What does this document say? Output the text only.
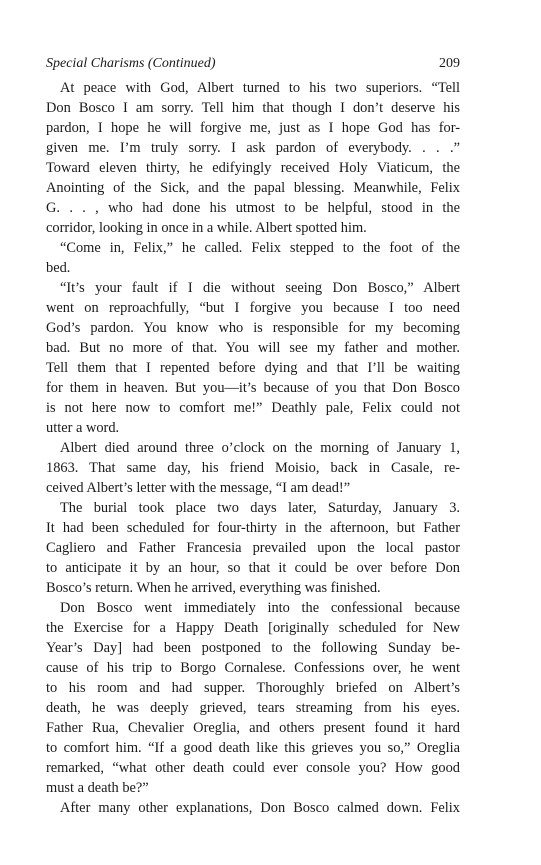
Special Charisms (Continued)	209
At peace with God, Albert turned to his two superiors. “Tell
Don Bosco I am sorry. Tell him that though I don’t deserve his
pardon, I hope he will forgive me, just as I hope God has for-
given me. I’m truly sorry. I ask pardon of everybody. . . .”
Toward eleven thirty, he edifyingly received Holy Viaticum, the
Anointing of the Sick, and the papal blessing. Meanwhile, Felix
G. . . , who had done his utmost to be helpful, stood in the
corridor, looking in once in a while. Albert spotted him.
“Come in, Felix,” he called. Felix stepped to the foot of the
bed.
“It’s your fault if I die without seeing Don Bosco,” Albert
went on reproachfully, “but I forgive you because I too need
God’s pardon. You know who is responsible for my becoming
bad. But no more of that. You will see my father and mother.
Tell them that I repented before dying and that I’ll be waiting
for them in heaven. But you—it’s because of you that Don Bosco
is not here now to comfort me!” Deathly pale, Felix could not
utter a word.
Albert died around three o’clock on the morning of January 1,
1863. That same day, his friend Moisio, back in Casale, re-
ceived Albert’s letter with the message, “I am dead!”
The burial took place two days later, Saturday, January 3.
It had been scheduled for four-thirty in the afternoon, but Father
Cagliero and Father Francesia prevailed upon the local pastor
to anticipate it by an hour, so that it could be over before Don
Bosco’s return. When he arrived, everything was finished.
Don Bosco went immediately into the confessional because
the Exercise for a Happy Death [originally scheduled for New
Year’s Day] had been postponed to the following Sunday be-
cause of his trip to Borgo Cornalese. Confessions over, he went
to his room and had supper. Thoroughly briefed on Albert’s
death, he was deeply grieved, tears streaming from his eyes.
Father Rua, Chevalier Oreglia, and others present found it hard
to comfort him. “If a good death like this grieves you so,” Oreglia
remarked, “what other death could ever console you? How good
must a death be?”
After many other explanations, Don Bosco calmed down. Felix
